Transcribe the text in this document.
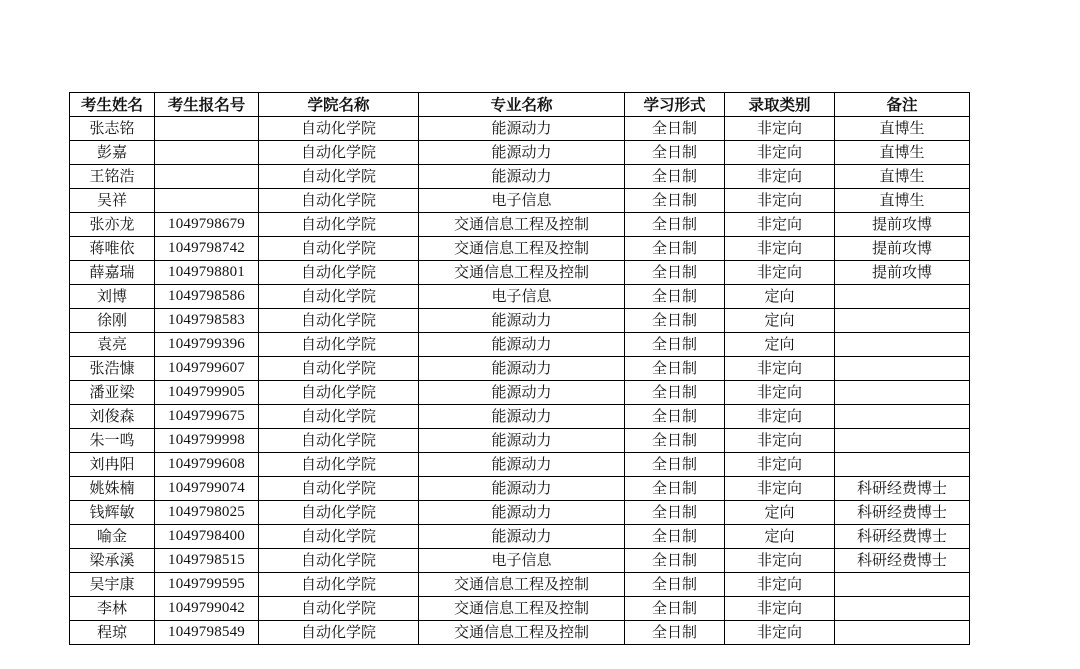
考生姓名	考生报名号	学院名称	专业名称	学习形式	录取类别	备注
张志铭		自动化学院	能源动力	全日制	非定向	直博生
彭嘉		自动化学院	能源动力	全日制	非定向	直博生
王铭浩		自动化学院	能源动力	全日制	非定向	直博生
吴祥		自动化学院	电子信息	全日制	非定向	直博生
张亦龙	1049798679	自动化学院	交通信息工程及控制	全日制	非定向	提前攻博
蒋唯依	1049798742	自动化学院	交通信息工程及控制	全日制	非定向	提前攻博
薛嘉瑞	1049798801	自动化学院	交通信息工程及控制	全日制	非定向	提前攻博
刘博	1049798586	自动化学院	电子信息	全日制	定向	
徐刚	1049798583	自动化学院	能源动力	全日制	定向	
袁亮	1049799396	自动化学院	能源动力	全日制	定向	
张浩慷	1049799607	自动化学院	能源动力	全日制	非定向	
潘亚梁	1049799905	自动化学院	能源动力	全日制	非定向	
刘俊森	1049799675	自动化学院	能源动力	全日制	非定向	
朱一鸣	1049799998	自动化学院	能源动力	全日制	非定向	
刘冉阳	1049799608	自动化学院	能源动力	全日制	非定向	
姚姝楠	1049799074	自动化学院	能源动力	全日制	非定向	科研经费博士
钱辉敏	1049798025	自动化学院	能源动力	全日制	定向	科研经费博士
喻金	1049798400	自动化学院	能源动力	全日制	定向	科研经费博士
梁承溪	1049798515	自动化学院	电子信息	全日制	非定向	科研经费博士
吴宇康	1049799595	自动化学院	交通信息工程及控制	全日制	非定向	
李林	1049799042	自动化学院	交通信息工程及控制	全日制	非定向	
程琼	1049798549	自动化学院	交通信息工程及控制	全日制	非定向	
